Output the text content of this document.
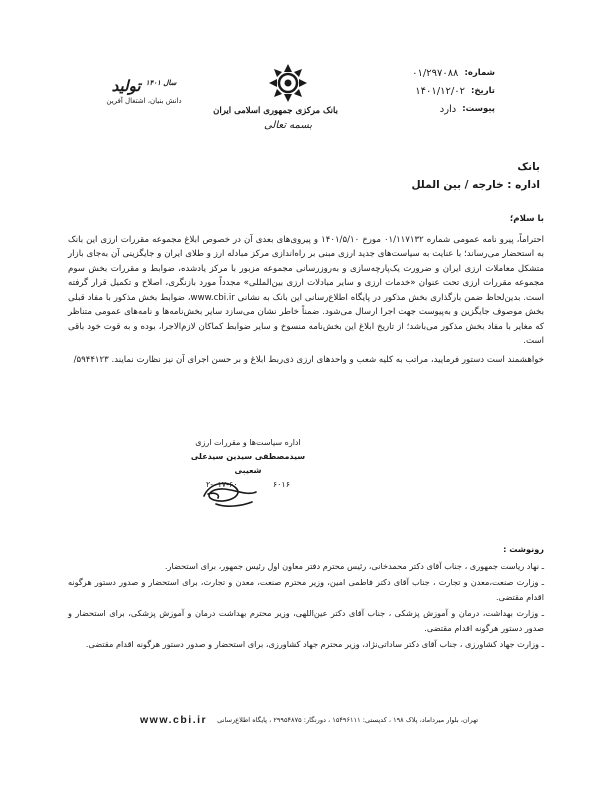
شماره:
۰۱/۲۹۷۰۸۸
تاریخ:
۱۴۰۱/۱۲/۰۲
پیوست:
دارد
بانک مرکزی جمهوری اسلامی ایران
بسمه تعالی
$^{سال ۱۴۰۱}$ تولید
دانش بنیان، اشتغال آفرین
بانک
اداره : خارجه / بین الملل

با سلام؛

احتراماً، پیرو نامه عمومی شماره ۰۱/۱۱۷۱۳۲ مورخ ۱۴۰۱/۵/۱۰ و پیروی‌های بعدی آن در خصوص ابلاغ مجموعه مقررات ارزی این بانک به استحضار می‌رساند؛ با عنایت به سیاست‌های جدید ارزی مبنی بر راه‌اندازی مرکز مبادله ارز و طلای ایران و جایگزینی آن به‌جای بازار متشکل معاملات ارزی ایران و ضرورت یک‌پارچه‌سازی و به‌روزرسانی مجموعه مزبور با مرکز یادشده، ضوابط و مقررات بخش سوم مجموعه مقررات ارزی تحت عنوان «خدمات ارزی و سایر مبادلات ارزی بین‌المللی» مجدداً مورد بازنگری، اصلاح و تکمیل قرار گرفته است. بدین‌لحاظ ضمن بارگذاری بخش مذکور در پایگاه اطلاع‌رسانی این بانک به نشانی www.cbi.ir، ضوابط بخش مذکور با مفاد قبلی بخش موصوف جایگزین و به‌پیوست جهت اجرا ارسال می‌شود. ضمناً خاطر نشان می‌سازد سایر بخش‌نامه‌ها و نامه‌های عمومی متناظر که مغایر با مفاد بخش مذکور می‌باشد؛ از تاریخ ابلاغ این بخش‌نامه منسوخ و سایر ضوابط کماکان لازم‌الاجرا، بوده و به قوت خود باقی است.

خواهشمند است دستور فرمایید، مراتب به کلیه شعب و واحدهای ارزی ذی‌ربط ابلاغ و بر حسن اجرای آن نیز نظارت نمایند. ۵۹۴۴۱۲۳/

اداره سیاست‌ها و مقررات ارزی
سید‌مصطفی سیدین سید‌علی شعیبی
۶۰۱۶
۲-۰۱۷-۶۰
رونوشت :

ـ نهاد ریاست جمهوری ، جناب آقای دکتر محمدخانی، رئیس محترم دفتر معاون اول رئیس جمهور، برای استحضار.

ـ وزارت صنعت،معدن و تجارت ، جناب آقای دکتر فاطمی امین، وزیر محترم صنعت، معدن و تجارت، برای استحضار و صدور دستور هرگونه اقدام مقتضی.

ـ وزارت بهداشت، درمان و آموزش پزشکی ، جناب آقای دکتر عین‌اللهی، وزیر محترم بهداشت درمان و آموزش پزشکی، برای استحضار و صدور دستور هرگونه اقدام مقتضی.

ـ وزارت جهاد کشاورزی ، جناب آقای دکتر ساداتی‌نژاد، وزیر محترم جهاد کشاورزی، برای استحضار و صدور دستور هرگونه اقدام مقتضی.

www.cbi.ir تهران، بلوار میرداماد، پلاک ۱۹۸ ، کدپستی: ۱۵۴۹۶۱۱۱ ، دورنگار: ۲۹۹۵۴۸۷۵ ، پایگاه اطلاع‌رسانی
